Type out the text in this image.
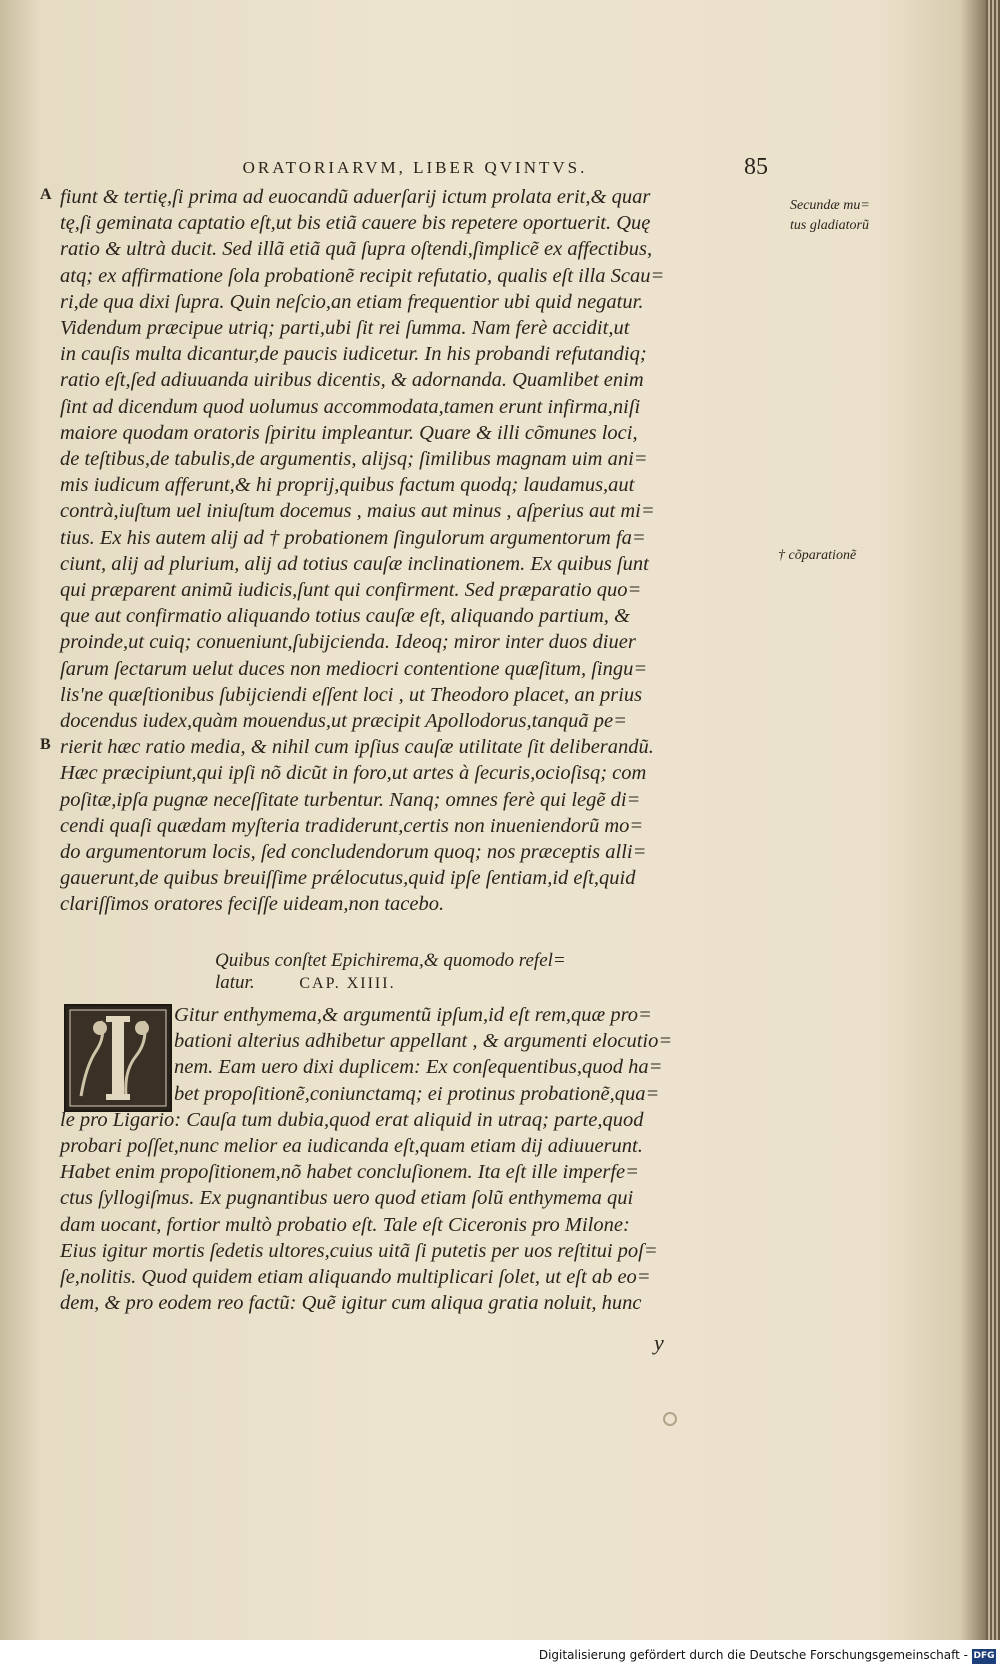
ORATORIARVM, LIBER QVINTVS.	85
A
B
fiunt & tertię,ſi prima ad euocandũ aduerſarij ictum prolata erit,& quar
tę,ſi geminata captatio eſt,ut bis etiã cauere bis repetere oportuerit. Quę
ratio & ultrà ducit. Sed illã etiã quã ſupra oſtendi,ſimplicẽ ex affectibus,
atq; ex affirmatione ſola probationẽ recipit refutatio, qualis eſt illa Scau=
ri,de qua dixi ſupra. Quin neſcio,an etiam frequentior ubi quid negatur.
Videndum præcipue utriq; parti,ubi ſit rei ſumma. Nam ferè accidit,ut
in cauſis multa dicantur,de paucis iudicetur. In his probandi refutandiq;
ratio eſt,ſed adiuuanda uiribus dicentis, & adornanda. Quamlibet enim
ſint ad dicendum quod uolumus accommodata,tamen erunt infirma,niſi
maiore quodam oratoris ſpiritu impleantur. Quare & illi cõmunes loci,
de teſtibus,de tabulis,de argumentis, alijsq; ſimilibus magnam uim ani=
mis iudicum afferunt,& hi proprij,quibus factum quodq; laudamus,aut
contrà,iuſtum uel iniuſtum docemus , maius aut minus , aſperius aut mi=
tius. Ex his autem alij ad † probationem ſingulorum argumentorum fa=
ciunt, alij ad plurium, alij ad totius cauſæ inclinationem. Ex quibus ſunt
qui præparent animũ iudicis,ſunt qui confirment. Sed præparatio quo=
que aut confirmatio aliquando totius cauſæ eſt, aliquando partium, &
proinde,ut cuiq; conueniunt,ſubijcienda. Ideoq; miror inter duos diuer
ſarum ſectarum uelut duces non mediocri contentione quæſitum, ſingu=
lis'ne quæſtionibus ſubijciendi eſſent loci , ut Theodoro placet, an prius
docendus iudex,quàm mouendus,ut præcipit Apollodorus,tanquã pe=
rierit hæc ratio media, & nihil cum ipſius cauſæ utilitate ſit deliberandũ.
Hæc præcipiunt,qui ipſi nõ dicũt in foro,ut artes à ſecuris,ocioſisq; com
poſitæ,ipſa pugnæ neceſſitate turbentur. Nanq; omnes ferè qui legẽ di=
cendi quaſi quædam myſteria tradiderunt,certis non inueniendorũ mo=
do argumentorum locis, ſed concludendorum quoq; nos præceptis alli=
gauerunt,de quibus breuiſſime prǽlocutus,quid ipſe ſentiam,id eſt,quid
clariſſimos oratores feciſſe uideam,non tacebo.
Quibus conſtet Epichirema,& quomodo refel=
latur.	CAP. XIIII.
Gitur enthymema,& argumentũ ipſum,id eſt rem,quæ pro=
bationi alterius adhibetur appellant , & argumenti elocutio=
nem. Eam uero dixi duplicem: Ex conſequentibus,quod ha=
bet propoſitionẽ,coniunctamq; ei protinus probationẽ,qua=
le pro Ligario: Cauſa tum dubia,quod erat aliquid in utraq; parte,quod
probari poſſet,nunc melior ea iudicanda eſt,quam etiam dij adiuuerunt.
Habet enim propoſitionem,nõ habet concluſionem. Ita eſt ille imperfe=
ctus ſyllogiſmus. Ex pugnantibus uero quod etiam ſolũ enthymema qui
dam uocant, fortior multò probatio eſt. Tale eſt Ciceronis pro Milone:
Eius igitur mortis ſedetis ultores,cuius uitã ſi putetis per uos reſtitui poſ=
ſe,nolitis. Quod quidem etiam aliquando multiplicari ſolet, ut eſt ab eo=
dem, & pro eodem reo factũ: Quẽ igitur cum aliqua gratia noluit, hunc
Secundæ mu=
tus gladiatorũ
† cõparationẽ
y
Digitalisierung gefördert durch die Deutsche Forschungsgemeinschaft - DFG
